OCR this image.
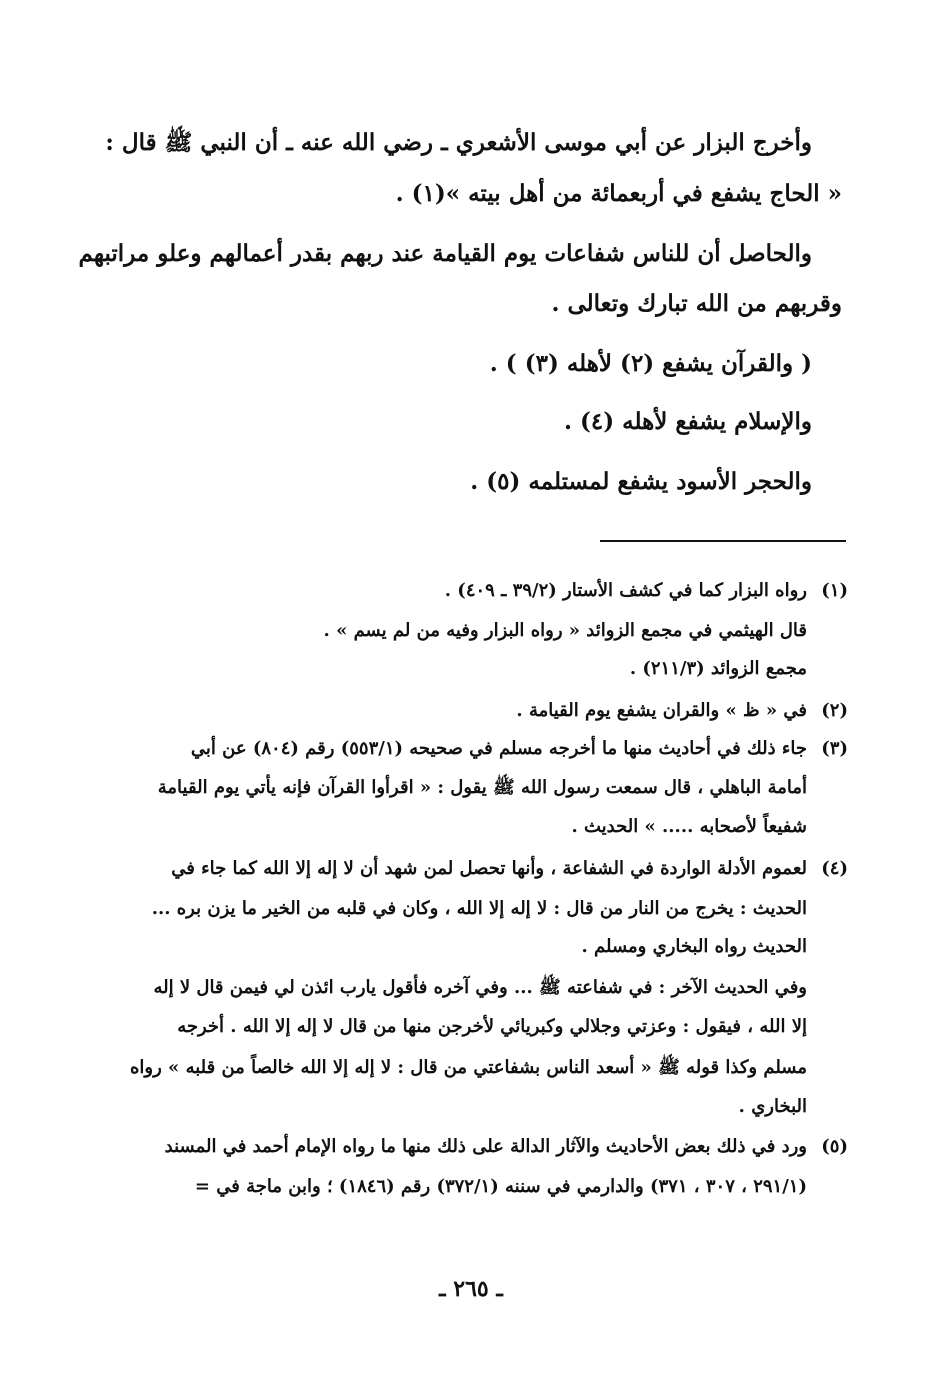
وأخرج البزار عن أبي موسى الأشعري ـ رضي الله عنه ـ أن النبي ﷺ قال :
« الحاج يشفع في أربعمائة من أهل بيته »(١) .
والحاصل أن للناس شفاعات يوم القيامة عند ربهم بقدر أعمالهم وعلو مراتبهم
وقربهم من الله تبارك وتعالى .
( والقرآن يشفع (٢) لأهله (٣) ) .
والإسلام يشفع لأهله (٤) .
والحجر الأسود يشفع لمستلمه (٥) .
(١)
رواه البزار كما في كشف الأستار (٣٩/٢ ـ ٤٠٩) .
قال الهيثمي في مجمع الزوائد « رواه البزار وفيه من لم يسم » .
مجمع الزوائد (٢١١/٣) .
(٢)
في « ظ » والقران يشفع يوم القيامة .
(٣)
جاء ذلك في أحاديث منها ما أخرجه مسلم في صحيحه (٥٥٣/١) رقم (٨٠٤) عن أبي
أمامة الباهلي ، قال سمعت رسول الله ﷺ يقول : « اقرأوا القرآن فإنه يأتي يوم القيامة
شفيعاً لأصحابه ..... » الحديث .
(٤)
لعموم الأدلة الواردة في الشفاعة ، وأنها تحصل لمن شهد أن لا إله إلا الله كما جاء في
الحديث : يخرج من النار من قال : لا إله إلا الله ، وكان في قلبه من الخير ما يزن بره ...
الحديث رواه البخاري ومسلم .
وفي الحديث الآخر : في شفاعته ﷺ ... وفي آخره فأقول يارب ائذن لي فيمن قال لا إله
إلا الله ، فيقول : وعزتي وجلالي وكبريائي لأخرجن منها من قال لا إله إلا الله . أخرجه
مسلم وكذا قوله ﷺ « أسعد الناس بشفاعتي من قال : لا إله إلا الله خالصاً من قلبه » رواه
البخاري .
(٥)
ورد في ذلك بعض الأحاديث والآثار الدالة على ذلك منها ما رواه الإمام أحمد في المسند
(٢٩١/١ ، ٣٠٧ ، ٣٧١) والدارمي في سننه (٣٧٢/١) رقم (١٨٤٦) ؛ وابن ماجة في =
ـ ٢٦٥ ـ
